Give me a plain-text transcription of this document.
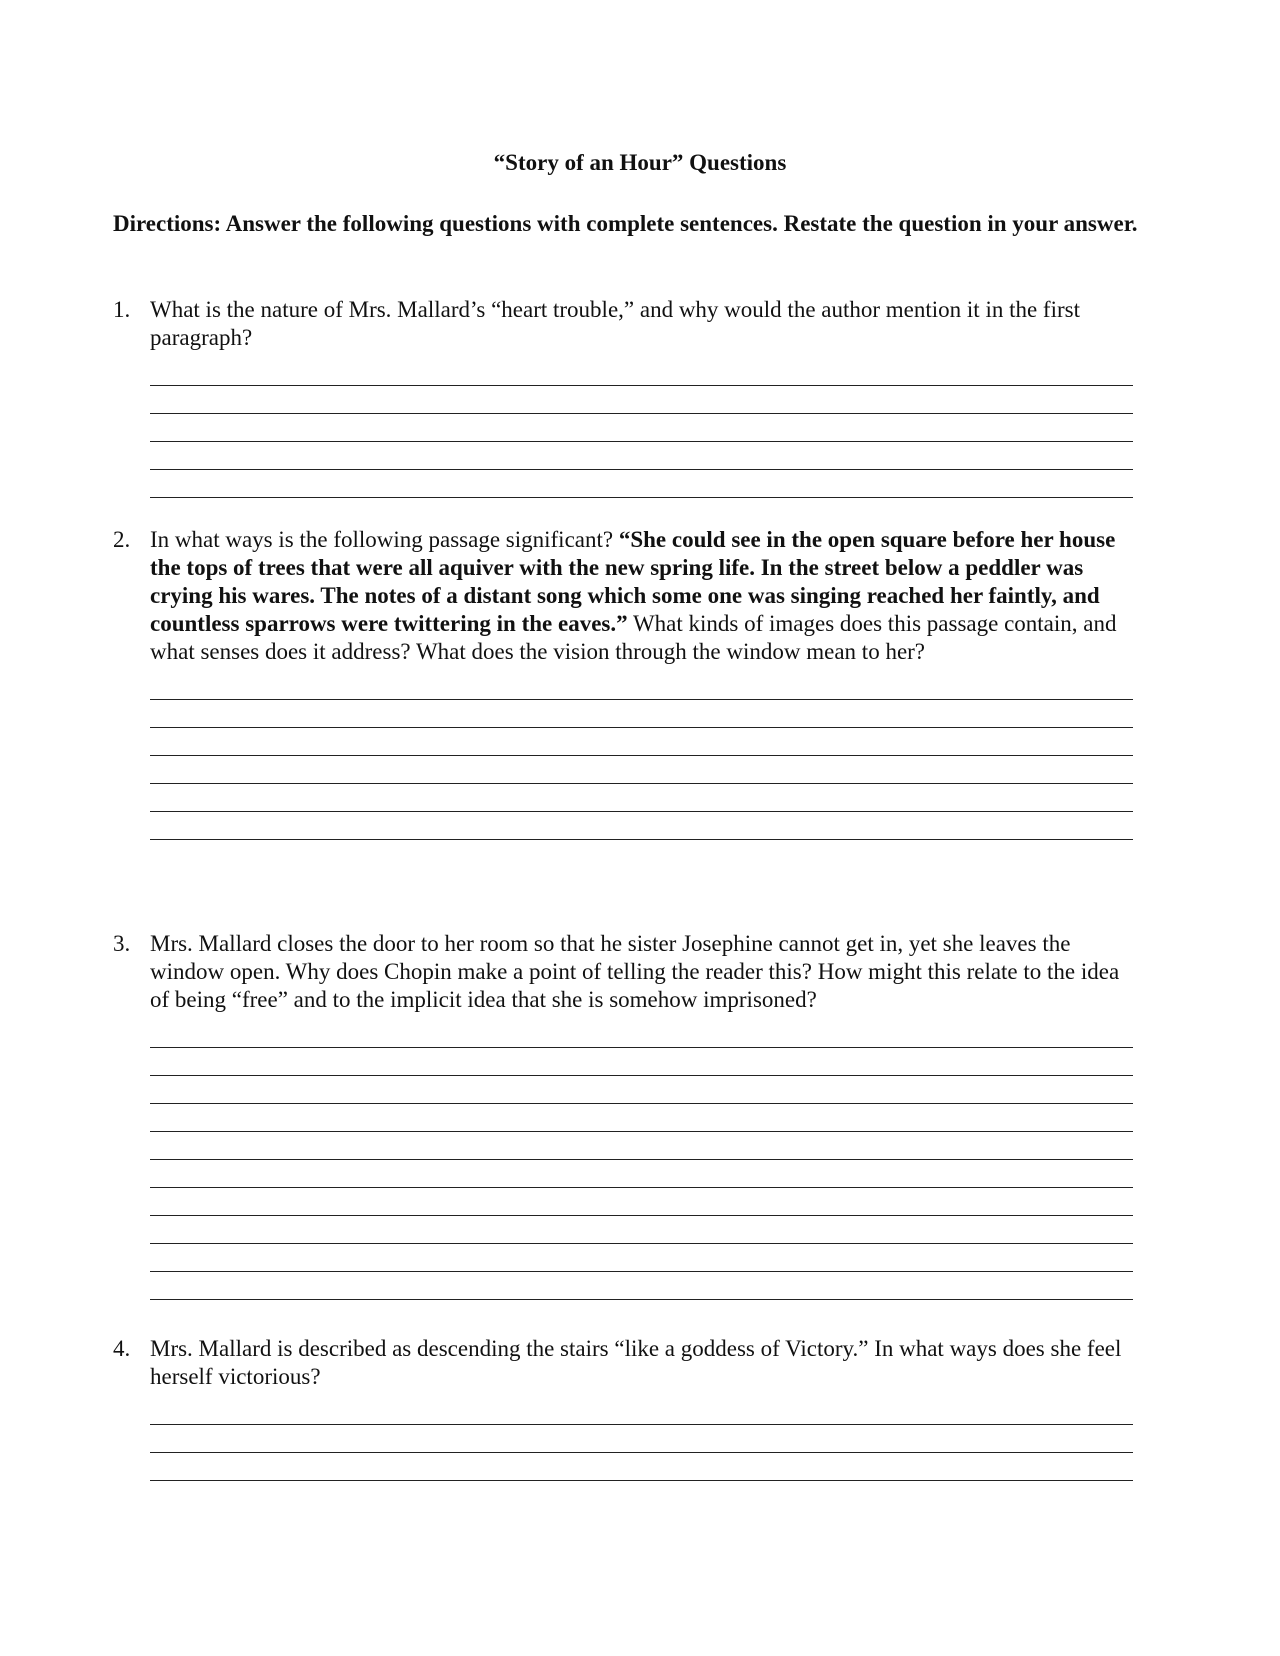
“Story of an Hour” Questions
Directions: Answer the following questions with complete sentences. Restate the question in your answer.
1. What is the nature of Mrs. Mallard’s “heart trouble,” and why would the author mention it in the first paragraph?
2. In what ways is the following passage significant? “She could see in the open square before her house the tops of trees that were all aquiver with the new spring life. In the street below a peddler was crying his wares. The notes of a distant song which some one was singing reached her faintly, and countless sparrows were twittering in the eaves.” What kinds of images does this passage contain, and what senses does it address? What does the vision through the window mean to her?
3. Mrs. Mallard closes the door to her room so that he sister Josephine cannot get in, yet she leaves the window open. Why does Chopin make a point of telling the reader this? How might this relate to the idea of being “free” and to the implicit idea that she is somehow imprisoned?
4. Mrs. Mallard is described as descending the stairs “like a goddess of Victory.” In what ways does she feel herself victorious?
